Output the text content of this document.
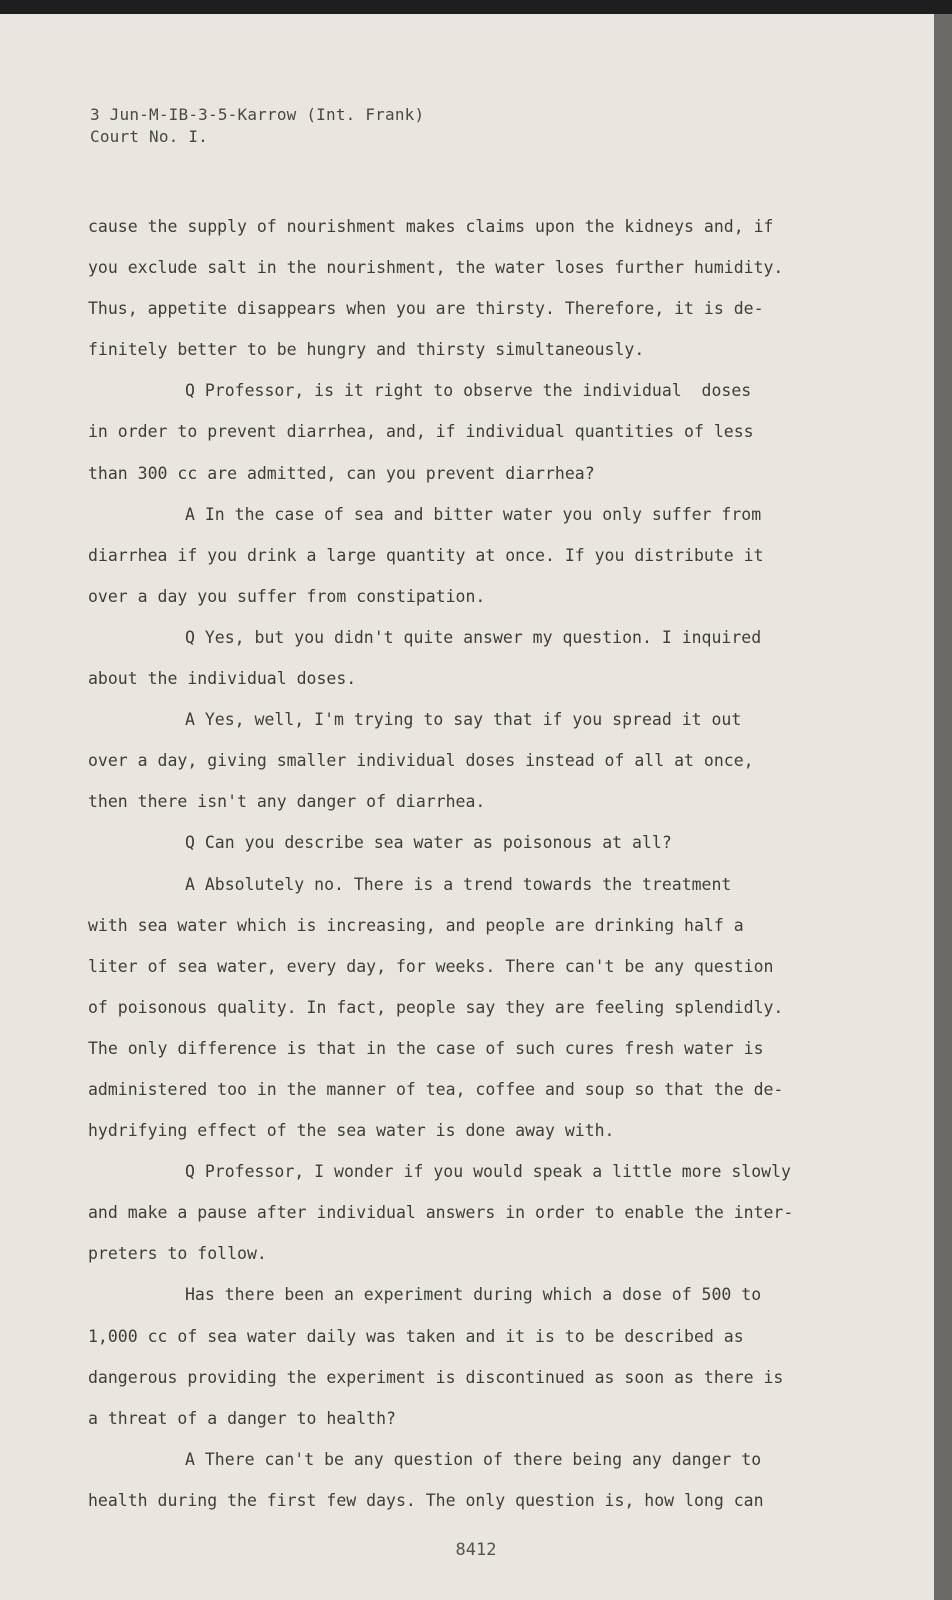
3 Jun-M-IB-3-5-Karrow (Int. Frank)
Court No. I.
cause the supply of nourishment makes claims upon the kidneys and, if
you exclude salt in the nourishment, the water loses further humidity.
Thus, appetite disappears when you are thirsty. Therefore, it is de-
finitely better to be hungry and thirsty simultaneously.
Q Professor, is it right to observe the individual  doses
in order to prevent diarrhea, and, if individual quantities of less
than 300 cc are admitted, can you prevent diarrhea?
A In the case of sea and bitter water you only suffer from
diarrhea if you drink a large quantity at once. If you distribute it
over a day you suffer from constipation.
Q Yes, but you didn't quite answer my question. I inquired
about the individual doses.
A Yes, well, I'm trying to say that if you spread it out
over a day, giving smaller individual doses instead of all at once,
then there isn't any danger of diarrhea.
Q Can you describe sea water as poisonous at all?
A Absolutely no. There is a trend towards the treatment
with sea water which is increasing, and people are drinking half a
liter of sea water, every day, for weeks. There can't be any question
of poisonous quality. In fact, people say they are feeling splendidly.
The only difference is that in the case of such cures fresh water is
administered too in the manner of tea, coffee and soup so that the de-
hydrifying effect of the sea water is done away with.
Q Professor, I wonder if you would speak a little more slowly
and make a pause after individual answers in order to enable the inter-
preters to follow.
Has there been an experiment during which a dose of 500 to
1,000 cc of sea water daily was taken and it is to be described as
dangerous providing the experiment is discontinued as soon as there is
a threat of a danger to health?
A There can't be any question of there being any danger to
health during the first few days. The only question is, how long can
8412
